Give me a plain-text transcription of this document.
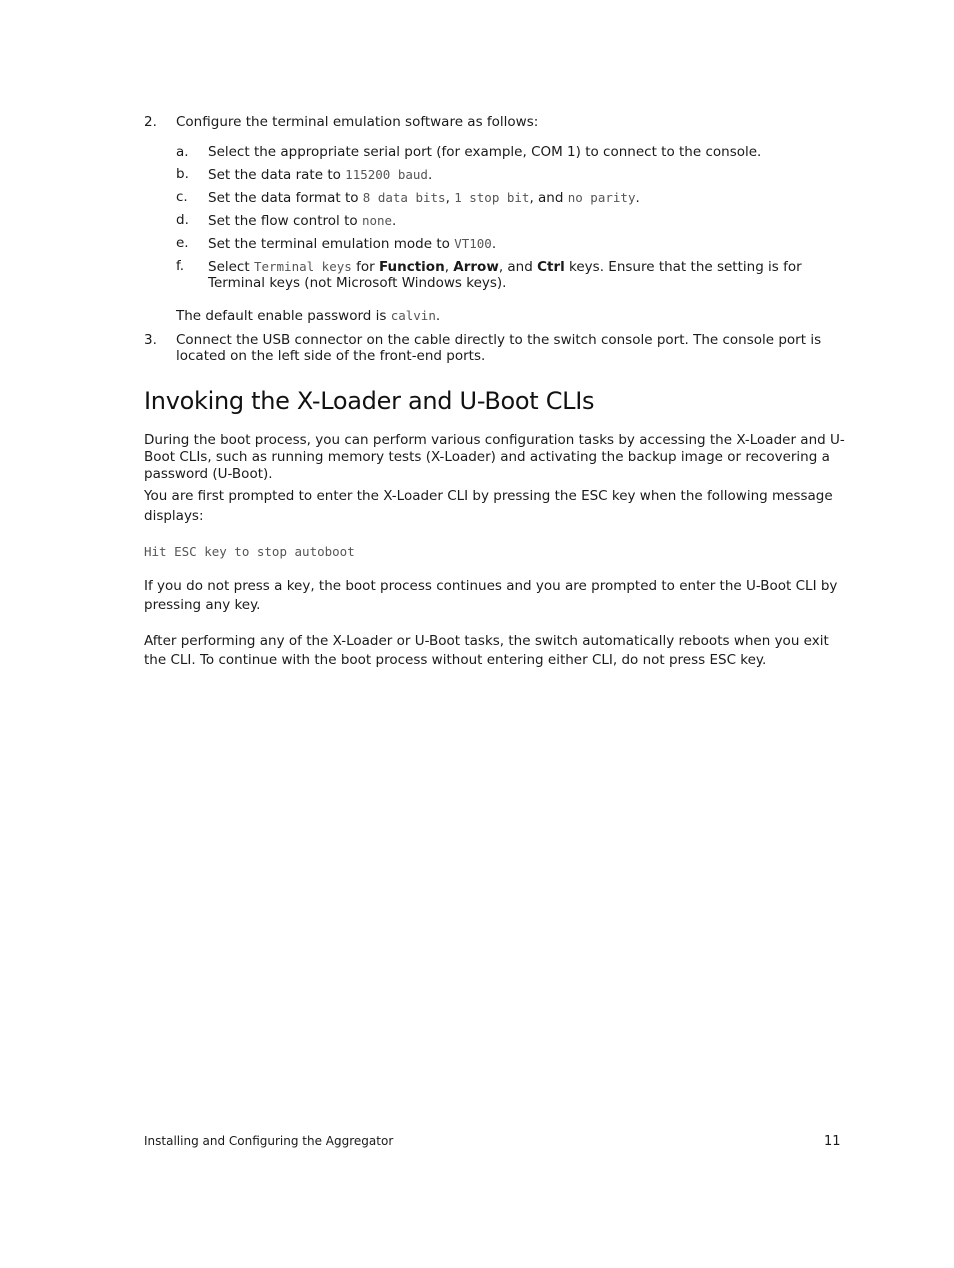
2. Configure the terminal emulation software as follows:

a. Select the appropriate serial port (for example, COM 1) to connect to the console.

b. Set the data rate to 115200 baud.

c. Set the data format to 8 data bits, 1 stop bit, and no parity.

d. Set the flow control to none.

e. Set the terminal emulation mode to VT100.

f. Select Terminal keys for Function, Arrow, and Ctrl keys. Ensure that the setting is for

Terminal keys (not Microsoft Windows keys).

The default enable password is calvin.

3. Connect the USB connector on the cable directly to the switch console port. The console port is

located on the left side of the front-end ports.

Invoking the X-Loader and U-Boot CLIs

During the boot process, you can perform various configuration tasks by accessing the X-Loader and U-

Boot CLIs, such as running memory tests (X-Loader) and activating the backup image or recovering a

password (U-Boot).

You are first prompted to enter the X-Loader CLI by pressing the ESC key when the following message

displays:

Hit ESC key to stop autoboot

If you do not press a key, the boot process continues and you are prompted to enter the U-Boot CLI by

pressing any key.

After performing any of the X-Loader or U-Boot tasks, the switch automatically reboots when you exit

the CLI. To continue with the boot process without entering either CLI, do not press ESC key.

Installing and Configuring the Aggregator	11
